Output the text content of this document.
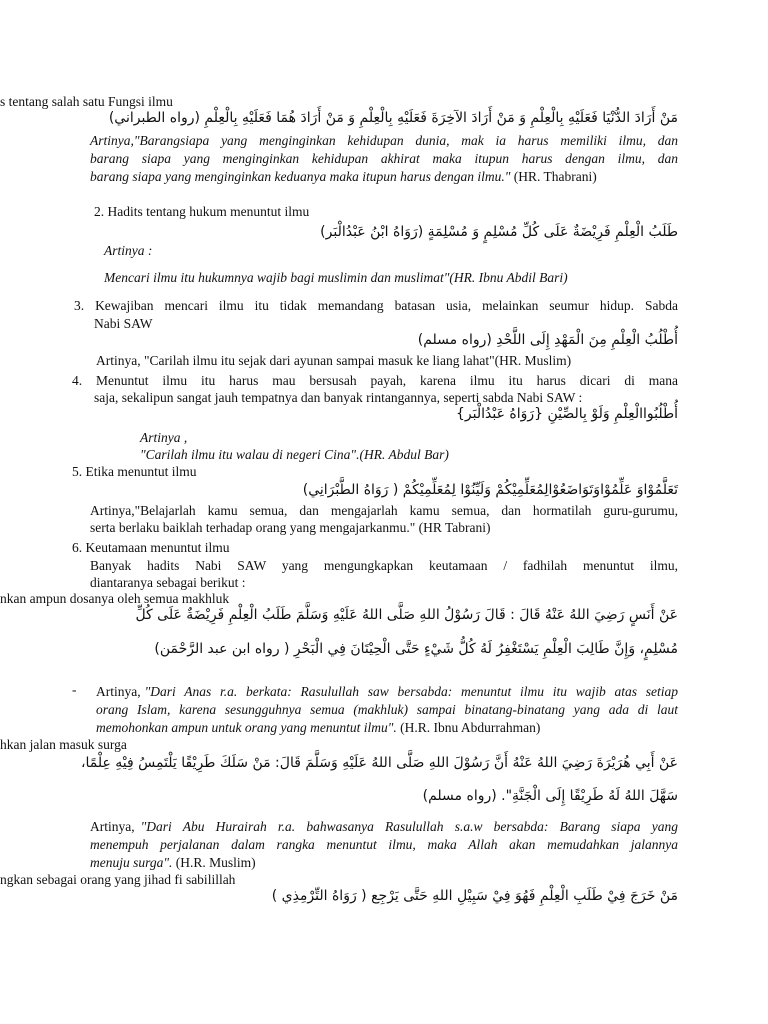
s tentang salah satu Fungsi ilmu
مَنْ أَرَادَ الدُّنْيَا فَعَلَيْهِ بِالْعِلْمِ وَ مَنْ أَرَادَ الآخِرَةَ فَعَلَيْهِ بِالْعِلْمِ وَ مَنْ أَرَادَ هُمَا فَعَلَيْهِ بِالْعِلْمِ (رواه الطبراني)
Artinya,"Barangsiapa yang menginginkan kehidupan dunia, mak ia harus memiliki ilmu, dan
barang siapa yang menginginkan kehidupan akhirat maka itupun harus dengan ilmu, dan
barang siapa yang menginginkan keduanya maka itupun harus dengan ilmu." (HR. Thabrani)
2. Hadits tentang hukum menuntut ilmu
طَلَبُ الْعِلْمِ فَرِيْضَةٌ عَلَى كُلِّ مُسْلِمٍ وَ مُسْلِمَةٍ (رَوَاهُ ابْنُ عَبْدُالْبَر)
Artinya :
Mencari ilmu itu hukumnya wajib bagi muslimin dan muslimat"(HR. Ibnu Abdil Bari)
3. Kewajiban mencari ilmu itu tidak memandang batasan usia, melainkan seumur hidup. Sabda
Nabi SAW
أُطْلُبُ الْعِلْمِ مِنَ الْمَهْدِ إِلَى اللَّحْدِ (رواه مسلم)
Artinya, "Carilah ilmu itu sejak dari ayunan sampai masuk ke liang lahat"(HR. Muslim)
4. Menuntut ilmu itu harus mau bersusah payah, karena ilmu itu harus dicari di mana
saja, sekalipun sangat jauh tempatnya dan banyak rintangannya, seperti sabda Nabi SAW :
أُطْلُبُواالْعِلْمِ وَلَوْ بِالصِّيْنِ {رَوَاهُ عَبْدُالْبَر}
Artinya ,
"Carilah ilmu itu walau di negeri Cina".(HR. Abdul Bar)
5. Etika menuntut ilmu
تَعَلَّمُوْاوَ عَلِّمُوْاوَتَوَاضَعُوْالِمُعَلِّمِيْكُمْ وَلَيِّنُوْا لِمُعَلِّمِيْكُمْ ( رَوَاهُ الطَّبْرَانِي)
Artinya,"Belajarlah kamu semua, dan mengajarlah kamu semua, dan hormatilah guru-gurumu,
serta berlaku baiklah terhadap orang yang mengajarkanmu." (HR Tabrani)
6. Keutamaan menuntut ilmu
Banyak hadits Nabi SAW yang mengungkapkan keutamaan / fadhilah menuntut ilmu,
diantaranya sebagai berikut :
nkan ampun dosanya oleh semua makhluk
عَنْ أَنَسٍ رَضِيَ اللهُ عَنْهُ قَالَ : قَالَ رَسُوْلُ اللهِ صَلَّى اللهُ عَلَيْهِ وَسَلَّمَ طَلَبُ الْعِلْمِ فَرِيْضَةٌ عَلَى كُلِّ
مُسْلِمٍ، وَإِنَّ طَالِبَ الْعِلْمِ يَسْتَغْفِرُ لَهُ كُلُّ شَيْءٍ حَتَّى الْحِيْتَانَ فِي الْبَحْرِ ( رواه ابن عبد الرَّحْمَن)
- Artinya, "Dari Anas r.a. berkata: Rasulullah saw bersabda: menuntut ilmu itu wajib atas setiap
orang Islam, karena sesungguhnya semua (makhluk) sampai binatang-binatang yang ada di laut
memohonkan ampun untuk orang yang menuntut ilmu". (H.R. Ibnu Abdurrahman)
hkan jalan masuk surga
عَنْ أَبِي هُرَيْرَةَ رَضِيَ اللهُ عَنْهُ أَنَّ رَسُوْلَ اللهِ صَلَّى اللهُ عَلَيْهِ وَسَلَّمَ قَالَ: مَنْ سَلَكَ طَرِيْقًا يَلْتَمِسُ فِيْهِ عِلْمًا،
سَهَّلَ اللهُ لَهُ طَرِيْقًا إِلَى الْجَنَّةِ". (رواه مسلم)
Artinya, "Dari Abu Hurairah r.a. bahwasanya Rasulullah s.a.w bersabda: Barang siapa yang
menempuh perjalanan dalam rangka menuntut ilmu, maka Allah akan memudahkan jalannya
menuju surga". (H.R. Muslim)
ngkan sebagai orang yang jihad fi sabilillah
مَنْ خَرَجَ فِيْ طَلَبِ الْعِلْمِ فَهُوَ فِيْ سَبِيْلِ اللهِ حَتَّى يَرْجِع ( رَوَاهُ التِّرْمِذِي )
